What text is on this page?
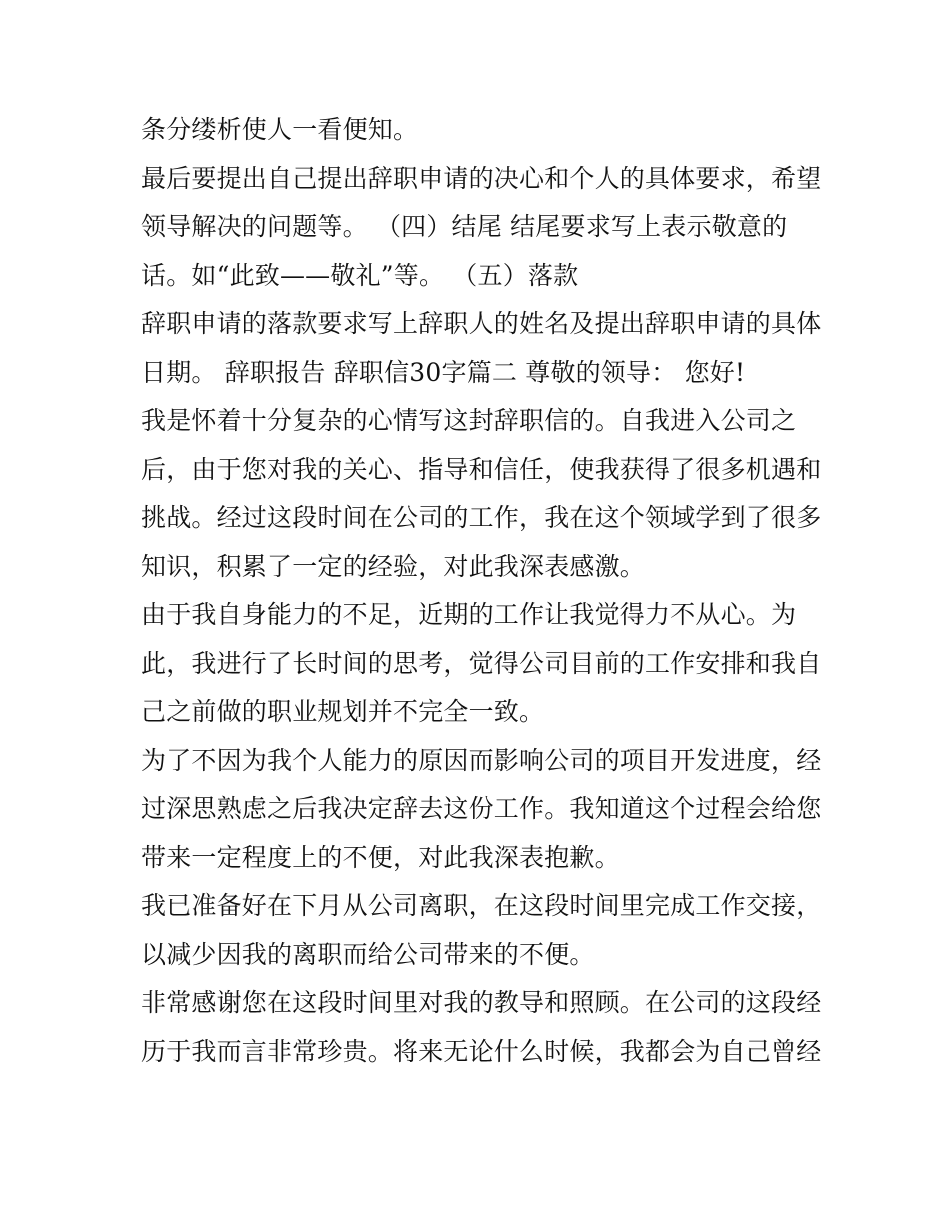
条分缕析使人一看便知。
最后要提出自己提出辞职申请的决心和个人的具体要求，希望
领导解决的问题等。 （四）结尾 结尾要求写上表示敬意的
话。如“此致——敬礼”等。 （五）落款
辞职申请的落款要求写上辞职人的姓名及提出辞职申请的具体
日期。 辞职报告 辞职信30字篇二 尊敬的领导： 您好!
我是怀着十分复杂的心情写这封辞职信的。自我进入公司之
后，由于您对我的关心、指导和信任，使我获得了很多机遇和
挑战。经过这段时间在公司的工作，我在这个领域学到了很多
知识，积累了一定的经验，对此我深表感激。
由于我自身能力的不足，近期的工作让我觉得力不从心。为
此，我进行了长时间的思考，觉得公司目前的工作安排和我自
己之前做的职业规划并不完全一致。
为了不因为我个人能力的原因而影响公司的项目开发进度，经
过深思熟虑之后我决定辞去这份工作。我知道这个过程会给您
带来一定程度上的不便，对此我深表抱歉。
我已准备好在下月从公司离职，在这段时间里完成工作交接，
以减少因我的离职而给公司带来的不便。
非常感谢您在这段时间里对我的教导和照顾。在公司的这段经
历于我而言非常珍贵。将来无论什么时候，我都会为自己曾经
